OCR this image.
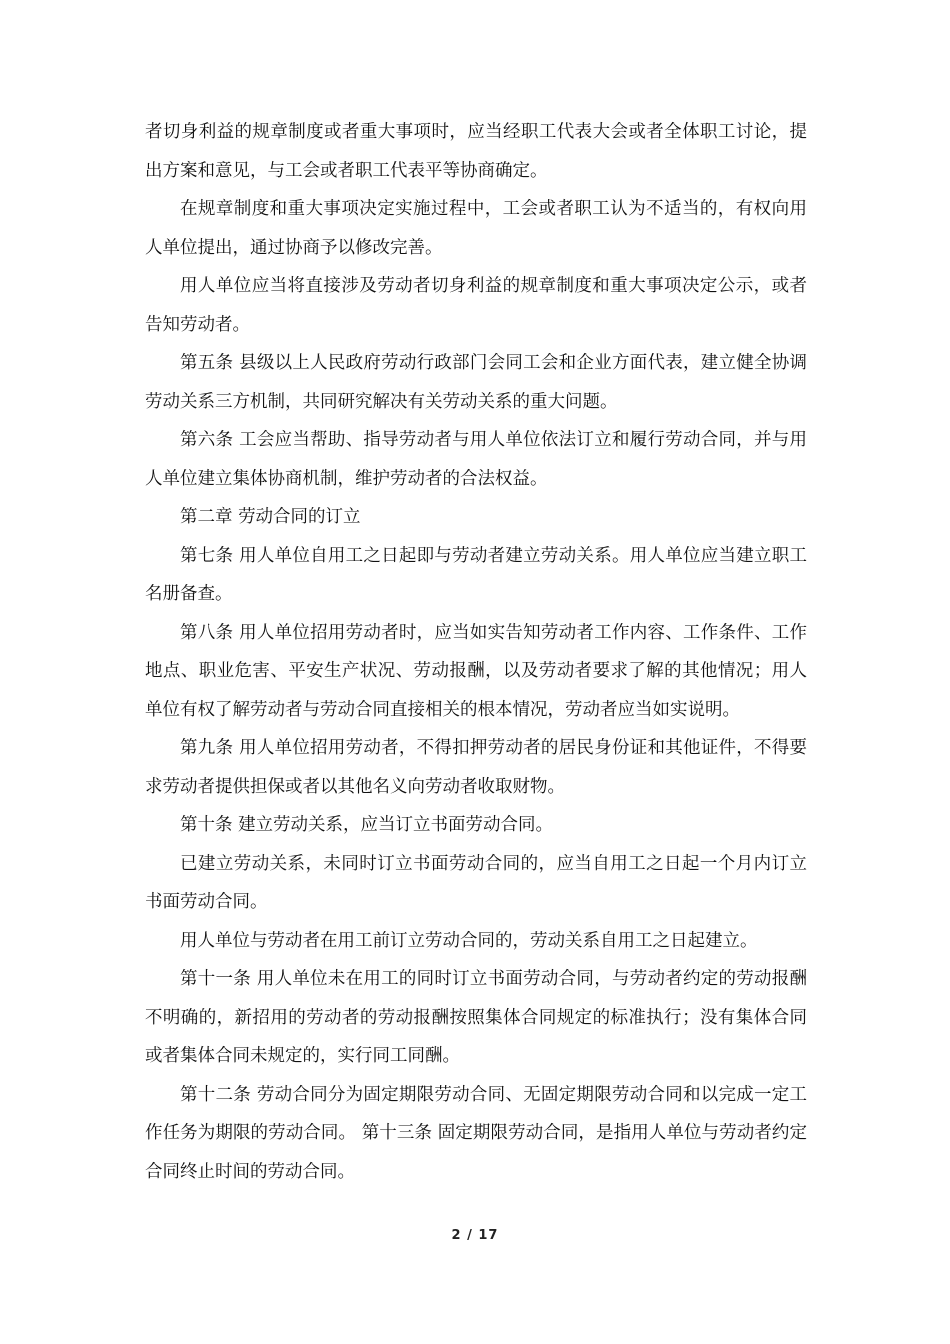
者切身利益的规章制度或者重大事项时，应当经职工代表大会或者全体职工讨论，提出方案和意见，与工会或者职工代表平等协商确定。

在规章制度和重大事项决定实施过程中，工会或者职工认为不适当的，有权向用人单位提出，通过协商予以修改完善。

用人单位应当将直接涉及劳动者切身利益的规章制度和重大事项决定公示，或者告知劳动者。

第五条 县级以上人民政府劳动行政部门会同工会和企业方面代表，建立健全协调劳动关系三方机制，共同研究解决有关劳动关系的重大问题。

第六条 工会应当帮助、指导劳动者与用人单位依法订立和履行劳动合同，并与用人单位建立集体协商机制，维护劳动者的合法权益。

第二章 劳动合同的订立

第七条 用人单位自用工之日起即与劳动者建立劳动关系。用人单位应当建立职工名册备查。

第八条 用人单位招用劳动者时，应当如实告知劳动者工作内容、工作条件、工作地点、职业危害、平安生产状况、劳动报酬，以及劳动者要求了解的其他情况；用人单位有权了解劳动者与劳动合同直接相关的根本情况，劳动者应当如实说明。

第九条 用人单位招用劳动者，不得扣押劳动者的居民身份证和其他证件，不得要求劳动者提供担保或者以其他名义向劳动者收取财物。

第十条 建立劳动关系，应当订立书面劳动合同。

已建立劳动关系，未同时订立书面劳动合同的，应当自用工之日起一个月内订立书面劳动合同。

用人单位与劳动者在用工前订立劳动合同的，劳动关系自用工之日起建立。

第十一条 用人单位未在用工的同时订立书面劳动合同，与劳动者约定的劳动报酬不明确的，新招用的劳动者的劳动报酬按照集体合同规定的标准执行；没有集体合同或者集体合同未规定的，实行同工同酬。

第十二条 劳动合同分为固定期限劳动合同、无固定期限劳动合同和以完成一定工作任务为期限的劳动合同。 第十三条 固定期限劳动合同，是指用人单位与劳动者约定合同终止时间的劳动合同。

2 / 17
